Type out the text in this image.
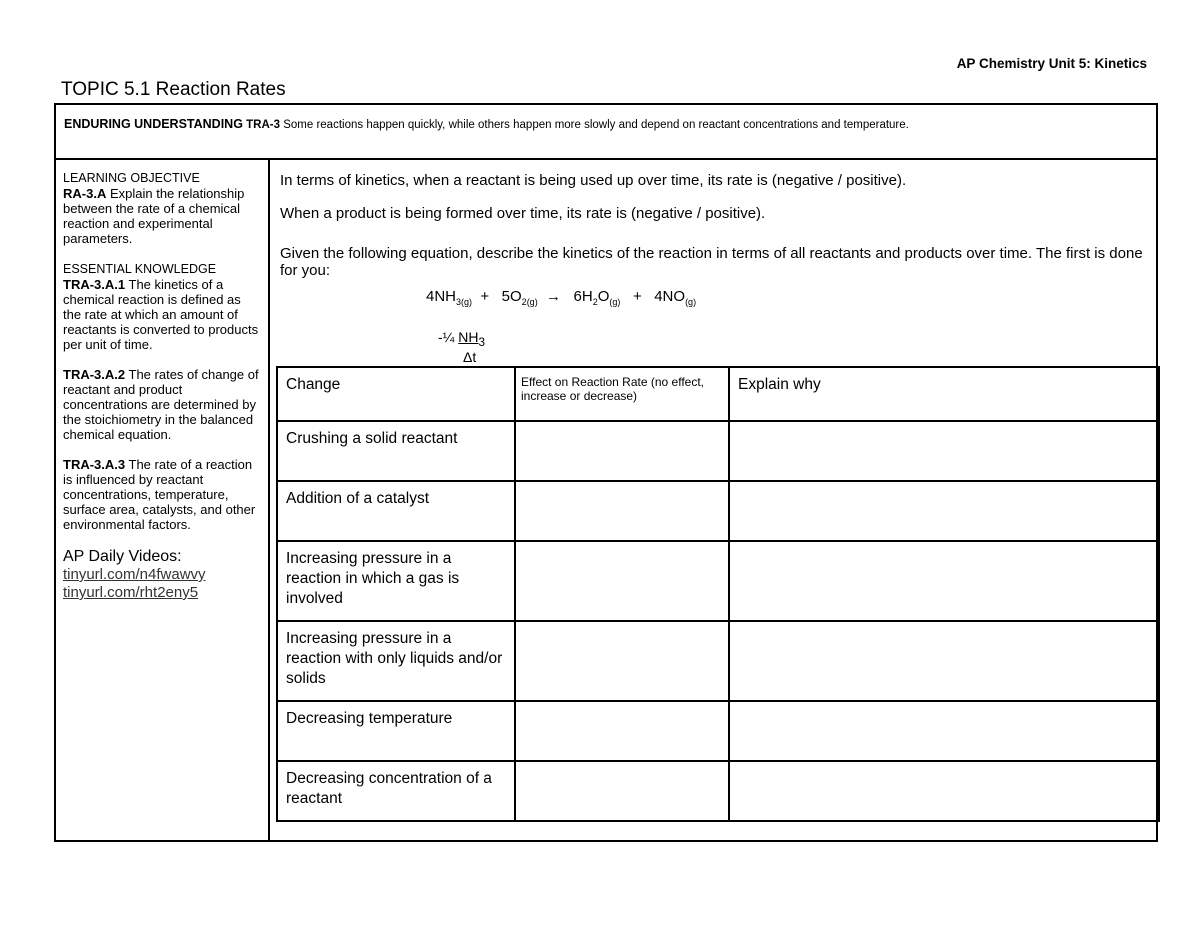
AP Chemistry Unit 5: Kinetics
TOPIC 5.1 Reaction Rates
ENDURING UNDERSTANDING TRA-3 Some reactions happen quickly, while others happen more slowly and depend on reactant concentrations and temperature.

LEARNING OBJECTIVE
RA-3.A Explain the relationship between the rate of a chemical reaction and experimental parameters.

ESSENTIAL KNOWLEDGE
TRA-3.A.1 The kinetics of a chemical reaction is defined as the rate at which an amount of reactants is converted to products per unit of time.

TRA-3.A.2 The rates of change of reactant and product concentrations are determined by the stoichiometry in the balanced chemical equation.

TRA-3.A.3 The rate of a reaction is influenced by reactant concentrations, temperature, surface area, catalysts, and other environmental factors.

AP Daily Videos:
tinyurl.com/n4fwawvy
tinyurl.com/rht2eny5
In terms of kinetics, when a reactant is being used up over time, its rate is (negative / positive).
When a product is being formed over time, its rate is (negative / positive).
Given the following equation, describe the kinetics of the reaction in terms of all reactants and products over time. The first is done for you:
$4NH_{3(g)} + 5O_{2(g)} \to 6H_2O_{(g)} + 4NO_{(g)}$
-¼ $NH_3$
Δt
Change	Effect on Reaction Rate (no effect, increase or decrease)	Explain why
Crushing a solid reactant		
Addition of a catalyst		
Increasing pressure in a reaction in which a gas is involved		
Increasing pressure in a reaction with only liquids and/or solids		
Decreasing temperature		
Decreasing concentration of a reactant		
